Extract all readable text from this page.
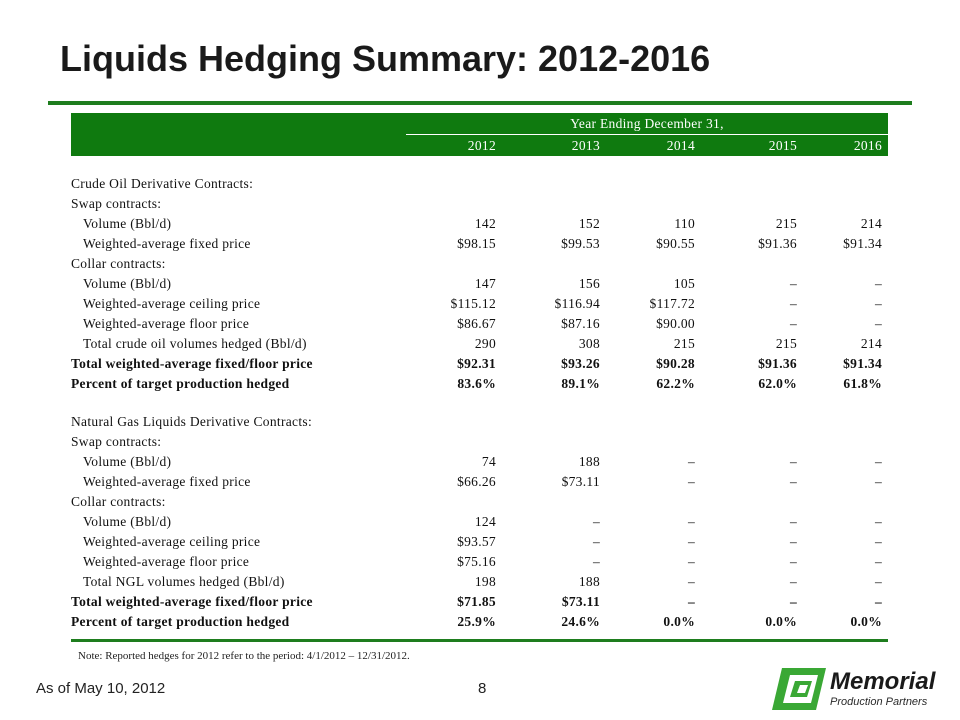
Liquids Hedging Summary: 2012-2016
	Year Ending December 31,				
	2012	2013	2014	2015	2016

Crude Oil Derivative Contracts:					
Swap contracts:					
Volume (Bbl/d)	142	152	110	215	214
Weighted-average fixed price	$98.15	$99.53	$90.55	$91.36	$91.34
Collar contracts:					
Volume (Bbl/d)	147	156	105	–	–
Weighted-average ceiling price	$115.12	$116.94	$117.72	–	–
Weighted-average floor price	$86.67	$87.16	$90.00	–	–
Total crude oil volumes hedged (Bbl/d)	290	308	215	215	214
Total weighted-average fixed/floor price	$92.31	$93.26	$90.28	$91.36	$91.34
Percent of target production hedged	83.6%	89.1%	62.2%	62.0%	61.8%

Natural Gas Liquids Derivative Contracts:					
Swap contracts:					
Volume (Bbl/d)	74	188	–	–	–
Weighted-average fixed price	$66.26	$73.11	–	–	–
Collar contracts:					
Volume (Bbl/d)	124	–	–	–	–
Weighted-average ceiling price	$93.57	–	–	–	–
Weighted-average floor price	$75.16	–	–	–	–
Total NGL volumes hedged (Bbl/d)	198	188	–	–	–
Total weighted-average fixed/floor price	$71.85	$73.11	–	–	–
Percent of target production hedged	25.9%	24.6%	0.0%	0.0%	0.0%
Note: Reported hedges for 2012 refer to the period: 4/1/2012 – 12/31/2012.
As of May 10, 2012	8	Memorial
Production Partners
